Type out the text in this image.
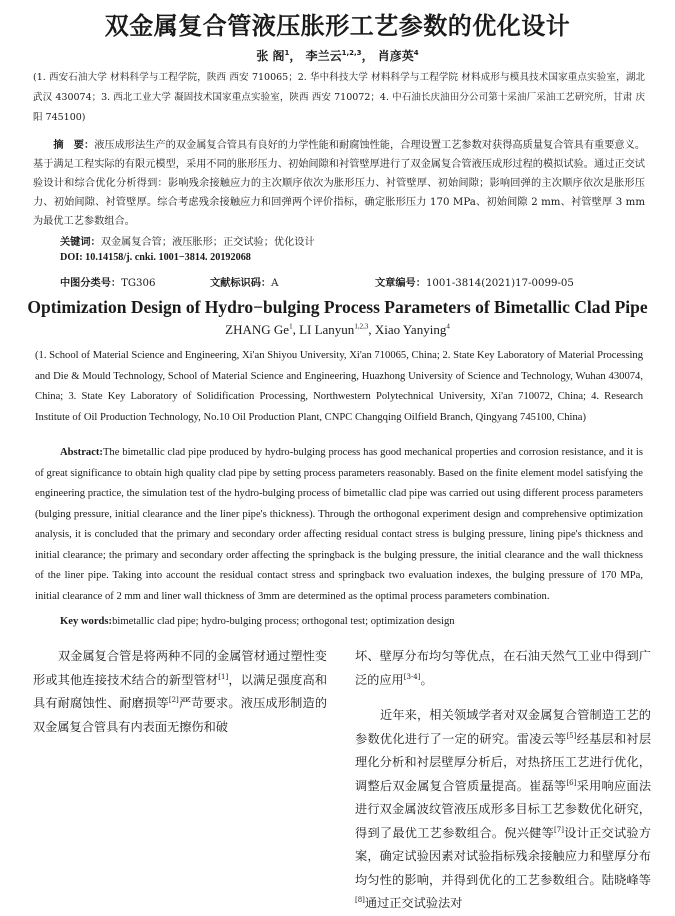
双金属复合管液压胀形工艺参数的优化设计
张 阁$^1$， 李兰云$^{1,2,3}$， 肖彦英$^4$
(1. 西安石油大学 材料科学与工程学院，陕西 西安 710065；2. 华中科技大学 材料科学与工程学院 材料成形与模具技术国家重点实验室，湖北 武汉 430074；3. 西北工业大学 凝固技术国家重点实验室，陕西 西安 710072；4. 中石油长庆油田分公司第十采油厂采油工艺研究所，甘肃 庆阳 745100)
  摘　要：液压成形法生产的双金属复合管具有良好的力学性能和耐腐蚀性能，合理设置工艺参数对获得高质量复合管具有重要意义。基于满足工程实际的有限元模型，采用不同的胀形压力、初始间隙和衬管壁厚进行了双金属复合管液压成形过程的模拟试验。通过正交试验设计和综合优化分析得到：影响残余接触应力的主次顺序依次为胀形压力、衬管壁厚、初始间隙；影响回弹的主次顺序依次是胀形压力、初始间隙、衬管壁厚。综合考虑残余接触应力和回弹两个评价指标，确定胀形压力 170 MPa、初始间隙 2 mm、衬管壁厚 3 mm 为最优工艺参数组合。
关键词：双金属复合管；液压胀形；正交试验；优化设计
DOI: 10.14158/j. cnki. 1001−3814. 20192068
中图分类号：TG306	文献标识码：A	文章编号：1001-3814(2021)17-0099-05
Optimization Design of Hydro−bulging Process Parameters of Bimetallic Clad Pipe
ZHANG Ge$^1$, LI Lanyun$^{1,2,3}$, Xiao Yanying$^4$
(1. School of Material Science and Engineering, Xi'an Shiyou University, Xi'an 710065, China; 2. State Key Laboratory of Material Processing and Die & Mould Technology, School of Material Science and Engineering, Huazhong University of Science and Technology, Wuhan 430074, China; 3. State Key Laboratory of Solidification Processing, Northwestern Polytechnical University, Xi'an 710072, China; 4. Research Institute of Oil Production Technology, No.10 Oil Production Plant, CNPC Changqing Oilfield Branch, Qingyang 745100, China)

Abstract:The bimetallic clad pipe produced by hydro-bulging process has good mechanical properties and corrosion resistance, and it is of great significance to obtain high quality clad pipe by setting process parameters reasonably. Based on the finite element model satisfying the engineering practice, the simulation test of the hydro-bulging process of bimetallic clad pipe was carried out using different process parameters (bulging pressure, initial clearance and the liner pipe's thickness). Through the orthogonal experiment design and comprehensive optimization analysis, it is concluded that the primary and secondary order affecting residual contact stress is bulging pressure, lining pipe's thickness and initial clearance; the primary and secondary order affecting the springback is the bulging pressure, the initial clearance and the wall thickness of the liner pipe. Taking into account the residual contact stress and springback two evaluation indexes, the bulging pressure of 170 MPa, initial clearance of 2 mm and liner wall thickness of 3mm are determined as the optimal process parameters combination.

Key words:bimetallic clad pipe; hydro-bulging process; orthogonal test; optimization design

双金属复合管是将两种不同的金属管材通过塑性变形或其他连接技术结合的新型管材[1]，以满足强度高和具有耐腐蚀性、耐磨损等[2]严苛要求。液压成形制造的双金属复合管具有内表面无擦伤和破

坏、壁厚分布均匀等优点，在石油天然气工业中得到广泛的应用[3-4]。

近年来，相关领域学者对双金属复合管制造工艺的参数优化进行了一定的研究。雷凌云等[5]经基层和衬层理化分析和衬层壁厚分析后，对热挤压工艺进行优化，调整后双金属复合管质量提高。崔磊等[6]采用响应面法进行双金属波纹管液压成形多目标工艺参数优化研究，得到了最优工艺参数组合。倪兴健等[7]设计正交试验方案，确定试验因素对试验指标残余接触应力和壁厚分布均匀性的影响，并得到优化的工艺参数组合。陆晓峰等[8]通过正交试验法对
